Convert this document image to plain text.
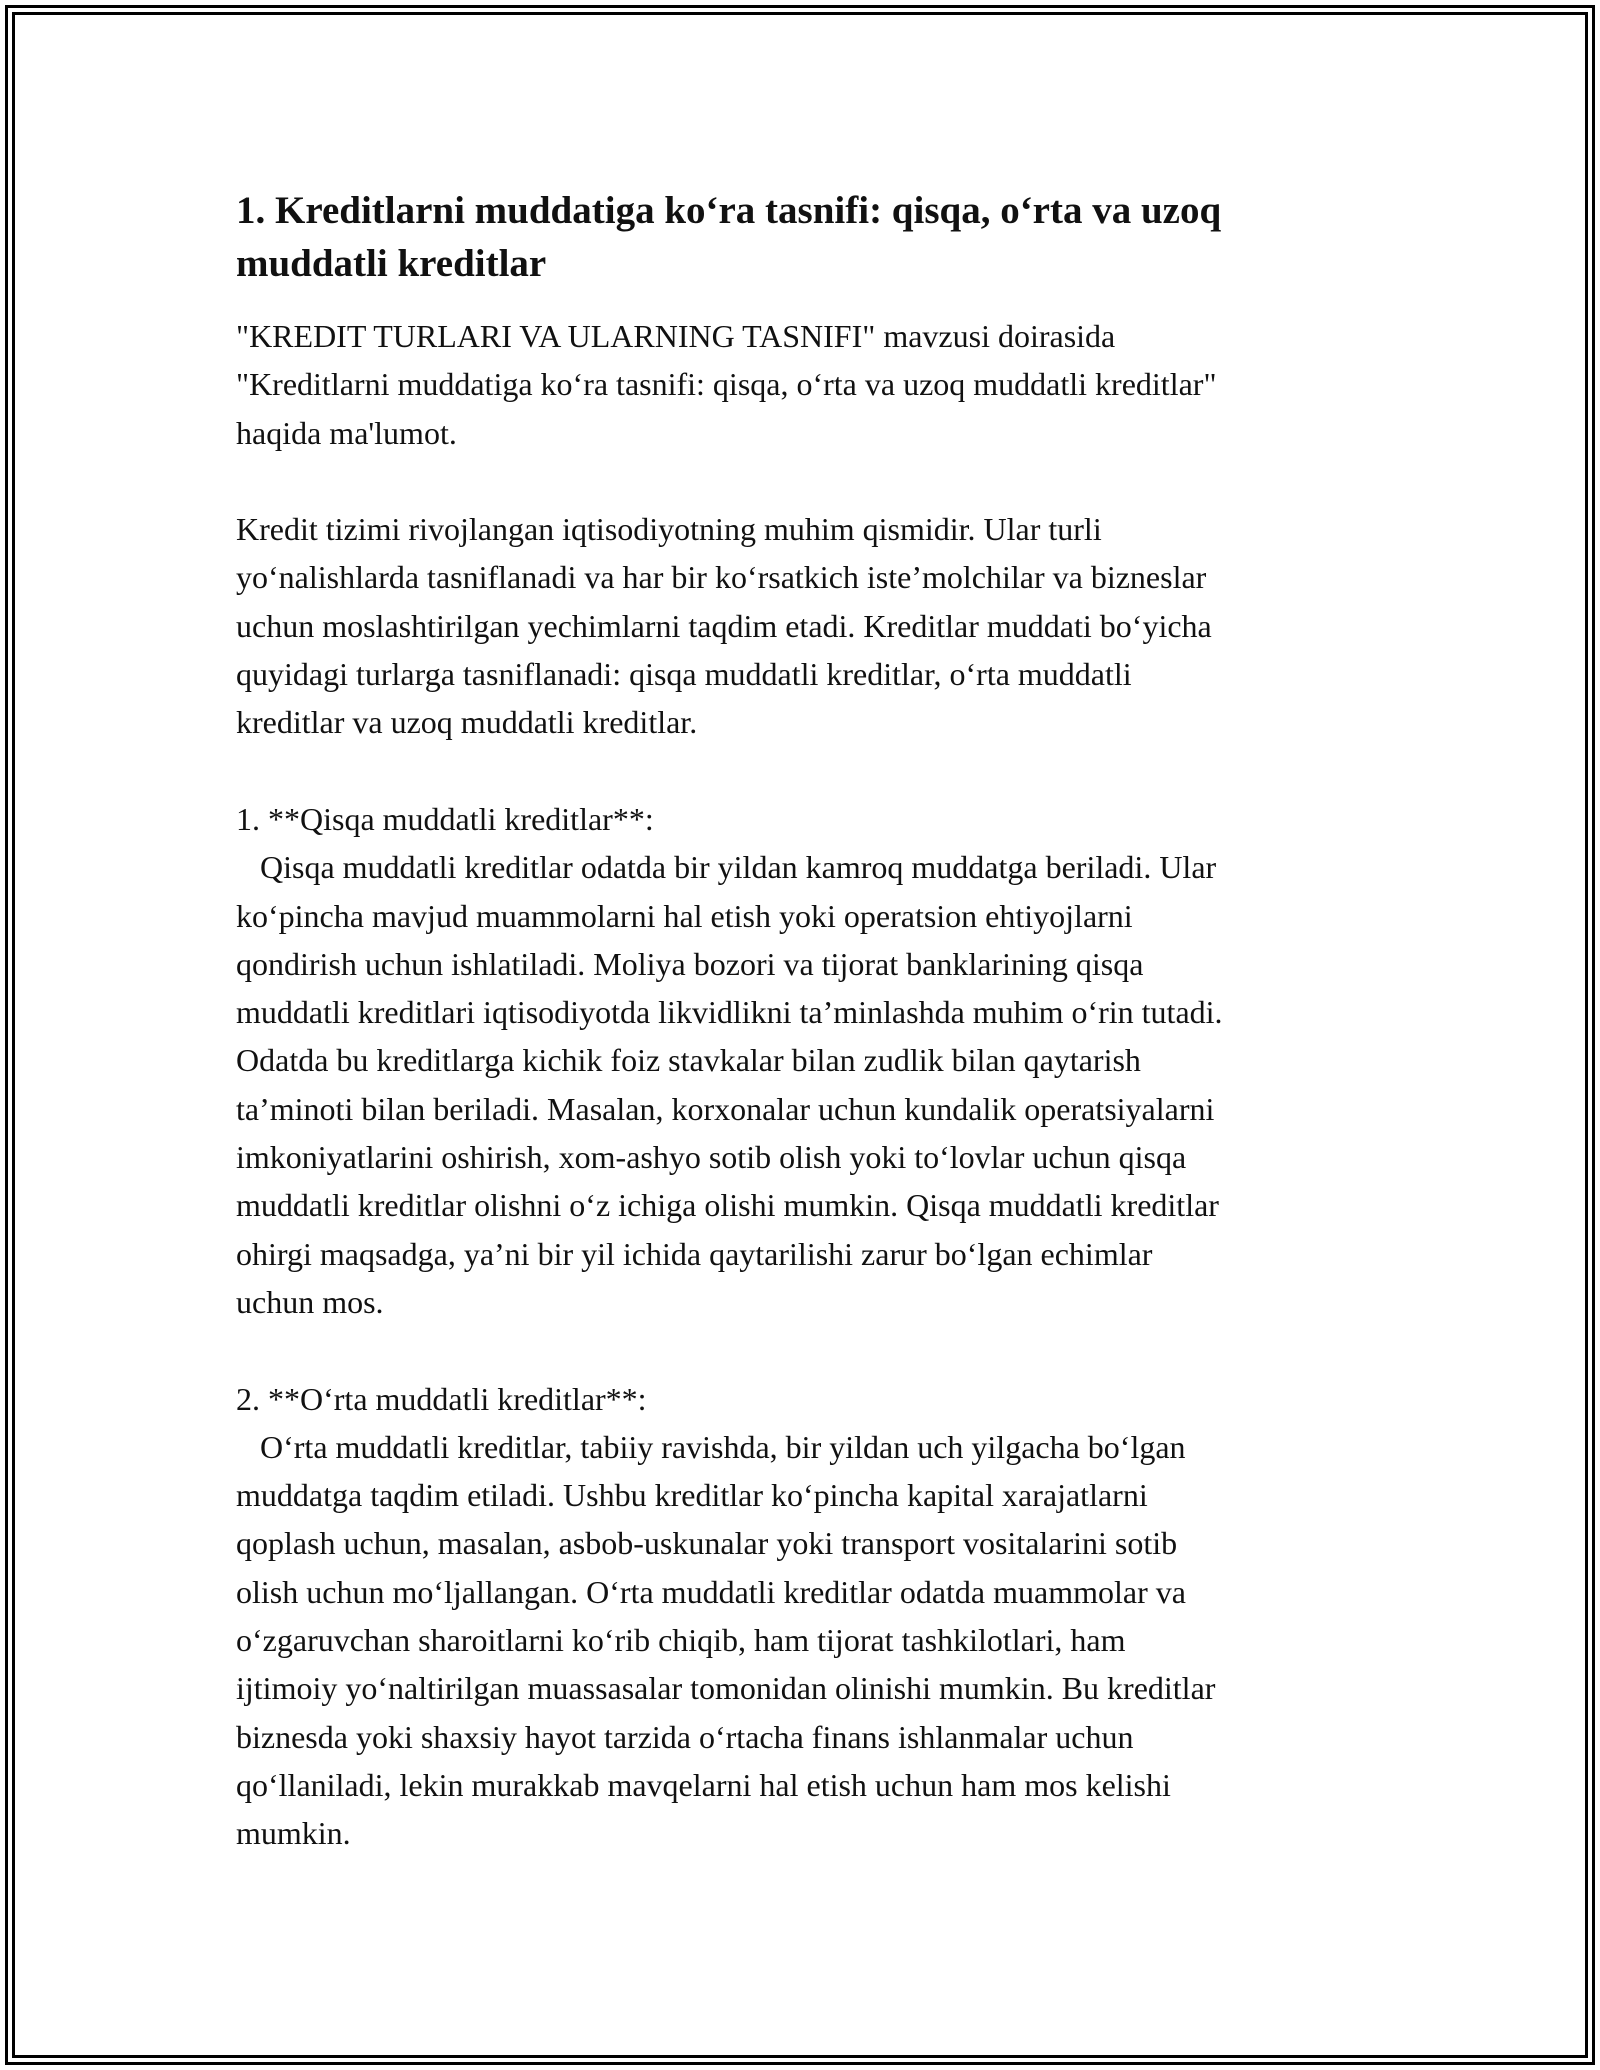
1. Kreditlarni muddatiga ko‘ra tasnifi: qisqa, o‘rta va uzoq
muddatli kreditlar

"KREDIT TURLARI VA ULARNING TASNIFI" mavzusi doirasida
"Kreditlarni muddatiga ko‘ra tasnifi: qisqa, o‘rta va uzoq muddatli kreditlar"
haqida ma'lumot.

Kredit tizimi rivojlangan iqtisodiyotning muhim qismidir. Ular turli
yo‘nalishlarda tasniflanadi va har bir ko‘rsatkich iste’molchilar va bizneslar
uchun moslashtirilgan yechimlarni taqdim etadi. Kreditlar muddati bo‘yicha
quyidagi turlarga tasniflanadi: qisqa muddatli kreditlar, o‘rta muddatli
kreditlar va uzoq muddatli kreditlar.

1. **Qisqa muddatli kreditlar**:

Qisqa muddatli kreditlar odatda bir yildan kamroq muddatga beriladi. Ular
ko‘pincha mavjud muammolarni hal etish yoki operatsion ehtiyojlarni
qondirish uchun ishlatiladi. Moliya bozori va tijorat banklarining qisqa
muddatli kreditlari iqtisodiyotda likvidlikni ta’minlashda muhim o‘rin tutadi.
Odatda bu kreditlarga kichik foiz stavkalar bilan zudlik bilan qaytarish
ta’minoti bilan beriladi. Masalan, korxonalar uchun kundalik operatsiyalarni
imkoniyatlarini oshirish, xom-ashyo sotib olish yoki to‘lovlar uchun qisqa
muddatli kreditlar olishni o‘z ichiga olishi mumkin. Qisqa muddatli kreditlar
ohirgi maqsadga, ya’ni bir yil ichida qaytarilishi zarur bo‘lgan echimlar
uchun mos.

2. **O‘rta muddatli kreditlar**:

O‘rta muddatli kreditlar, tabiiy ravishda, bir yildan uch yilgacha bo‘lgan
muddatga taqdim etiladi. Ushbu kreditlar ko‘pincha kapital xarajatlarni
qoplash uchun, masalan, asbob-uskunalar yoki transport vositalarini sotib
olish uchun mo‘ljallangan. O‘rta muddatli kreditlar odatda muammolar va
o‘zgaruvchan sharoitlarni ko‘rib chiqib, ham tijorat tashkilotlari, ham
ijtimoiy yo‘naltirilgan muassasalar tomonidan olinishi mumkin. Bu kreditlar
biznesda yoki shaxsiy hayot tarzida o‘rtacha finans ishlanmalar uchun
qo‘llaniladi, lekin murakkab mavqelarni hal etish uchun ham mos kelishi
mumkin.
